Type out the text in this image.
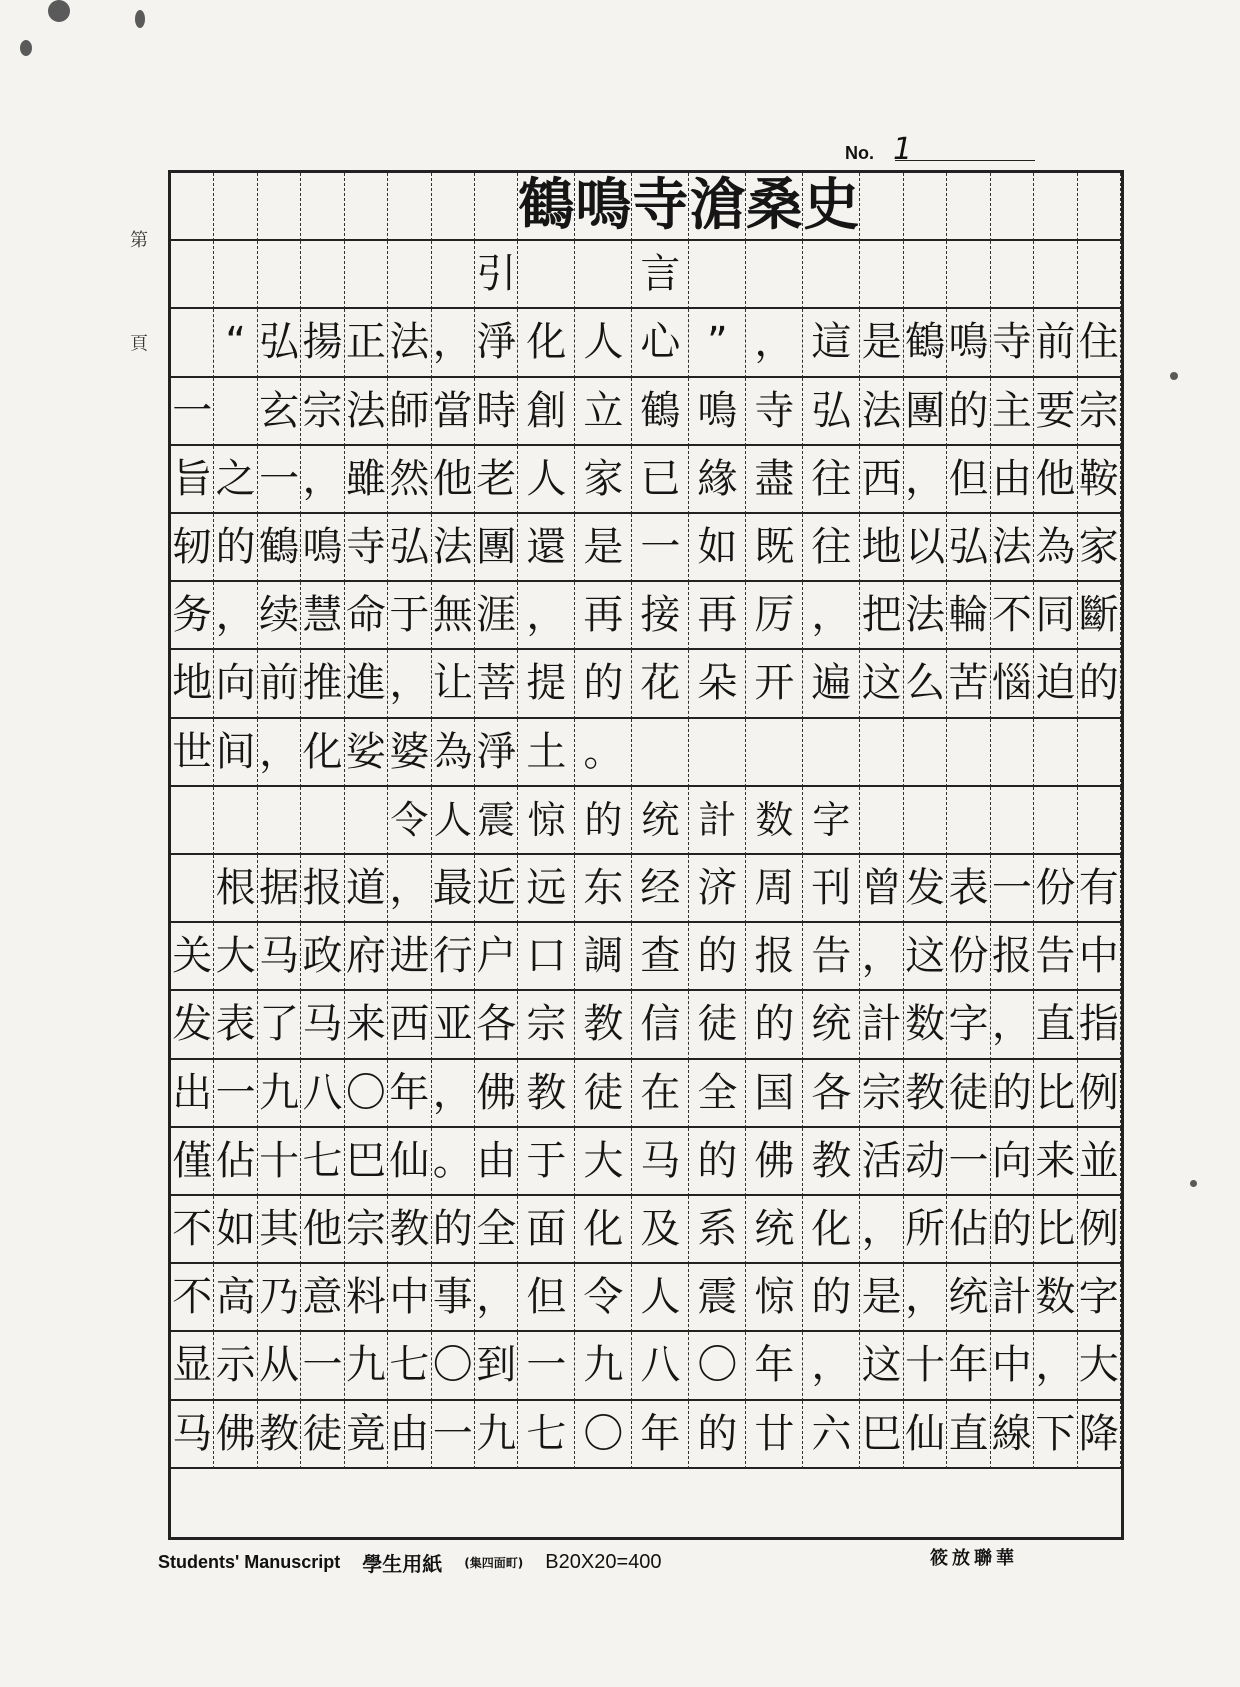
No. 1
第 頁
鶴 鳴 寺 滄 桑 史
引	言

“ 弘 揚 正 法 ， 淨 化 人 心 ” ， 這 是 鶴 鳴 寺 前 住
一
　 玄 宗 法 師 當 時 創 立 鶴 鳴 寺 弘 法 團 的 主 要 宗
旨 之 一 ， 雖 然 他 老 人 家 已 緣 盡 往 西 ， 但 由 他 鞍
轫 的 鶴 鳴 寺 弘 法 團 還 是 一 如 既 往 地 以 弘 法 為 家
务 ， 续 慧 命 于 無 涯 ， 再 接 再 厉 ， 把 法 輪 不 同 斷
地 向 前 推 進 ， 让 菩 提 的 花 朵 开 遍 这 么 苦 惱 迫 的
世 间 ， 化 娑 婆 為 淨 土 。
令 人 震 惊 的 统 計 数 字

根 据 报 道 ， 最 近 远 东 经 济 周 刊 曾 发 表 一 份 有
关 大 马 政 府 进 行 户 口 調 查 的 报 告 ， 这 份 报 告 中
发 表 了 马 来 西 亚 各 宗 教 信 徒 的 统 計 数 字 ， 直 指
出 一 九 八 〇 年 ， 佛 教 徒 在 全 国 各 宗 教 徒 的 比 例
僅 佔 十 七 巴 仙 。 由 于 大 马 的 佛 教 活 动 一 向 来 並
不 如 其 他 宗 教 的 全 面 化 及 系 统 化 ， 所 佔 的 比 例
不 高 乃 意 料 中 事 ， 但 令 人 震 惊 的 是 ， 统 計 数 字
显 示 从 一 九 七 〇 到 一 九 八 〇 年 ， 这 十 年 中 ， 大
马 佛 教 徒 竟 由 一 九 七 〇 年 的 廿 六 巴 仙 直 線 下 降
Students' Manuscript 學生用紙 (集四面町) B20X20=400	筱放聯華
